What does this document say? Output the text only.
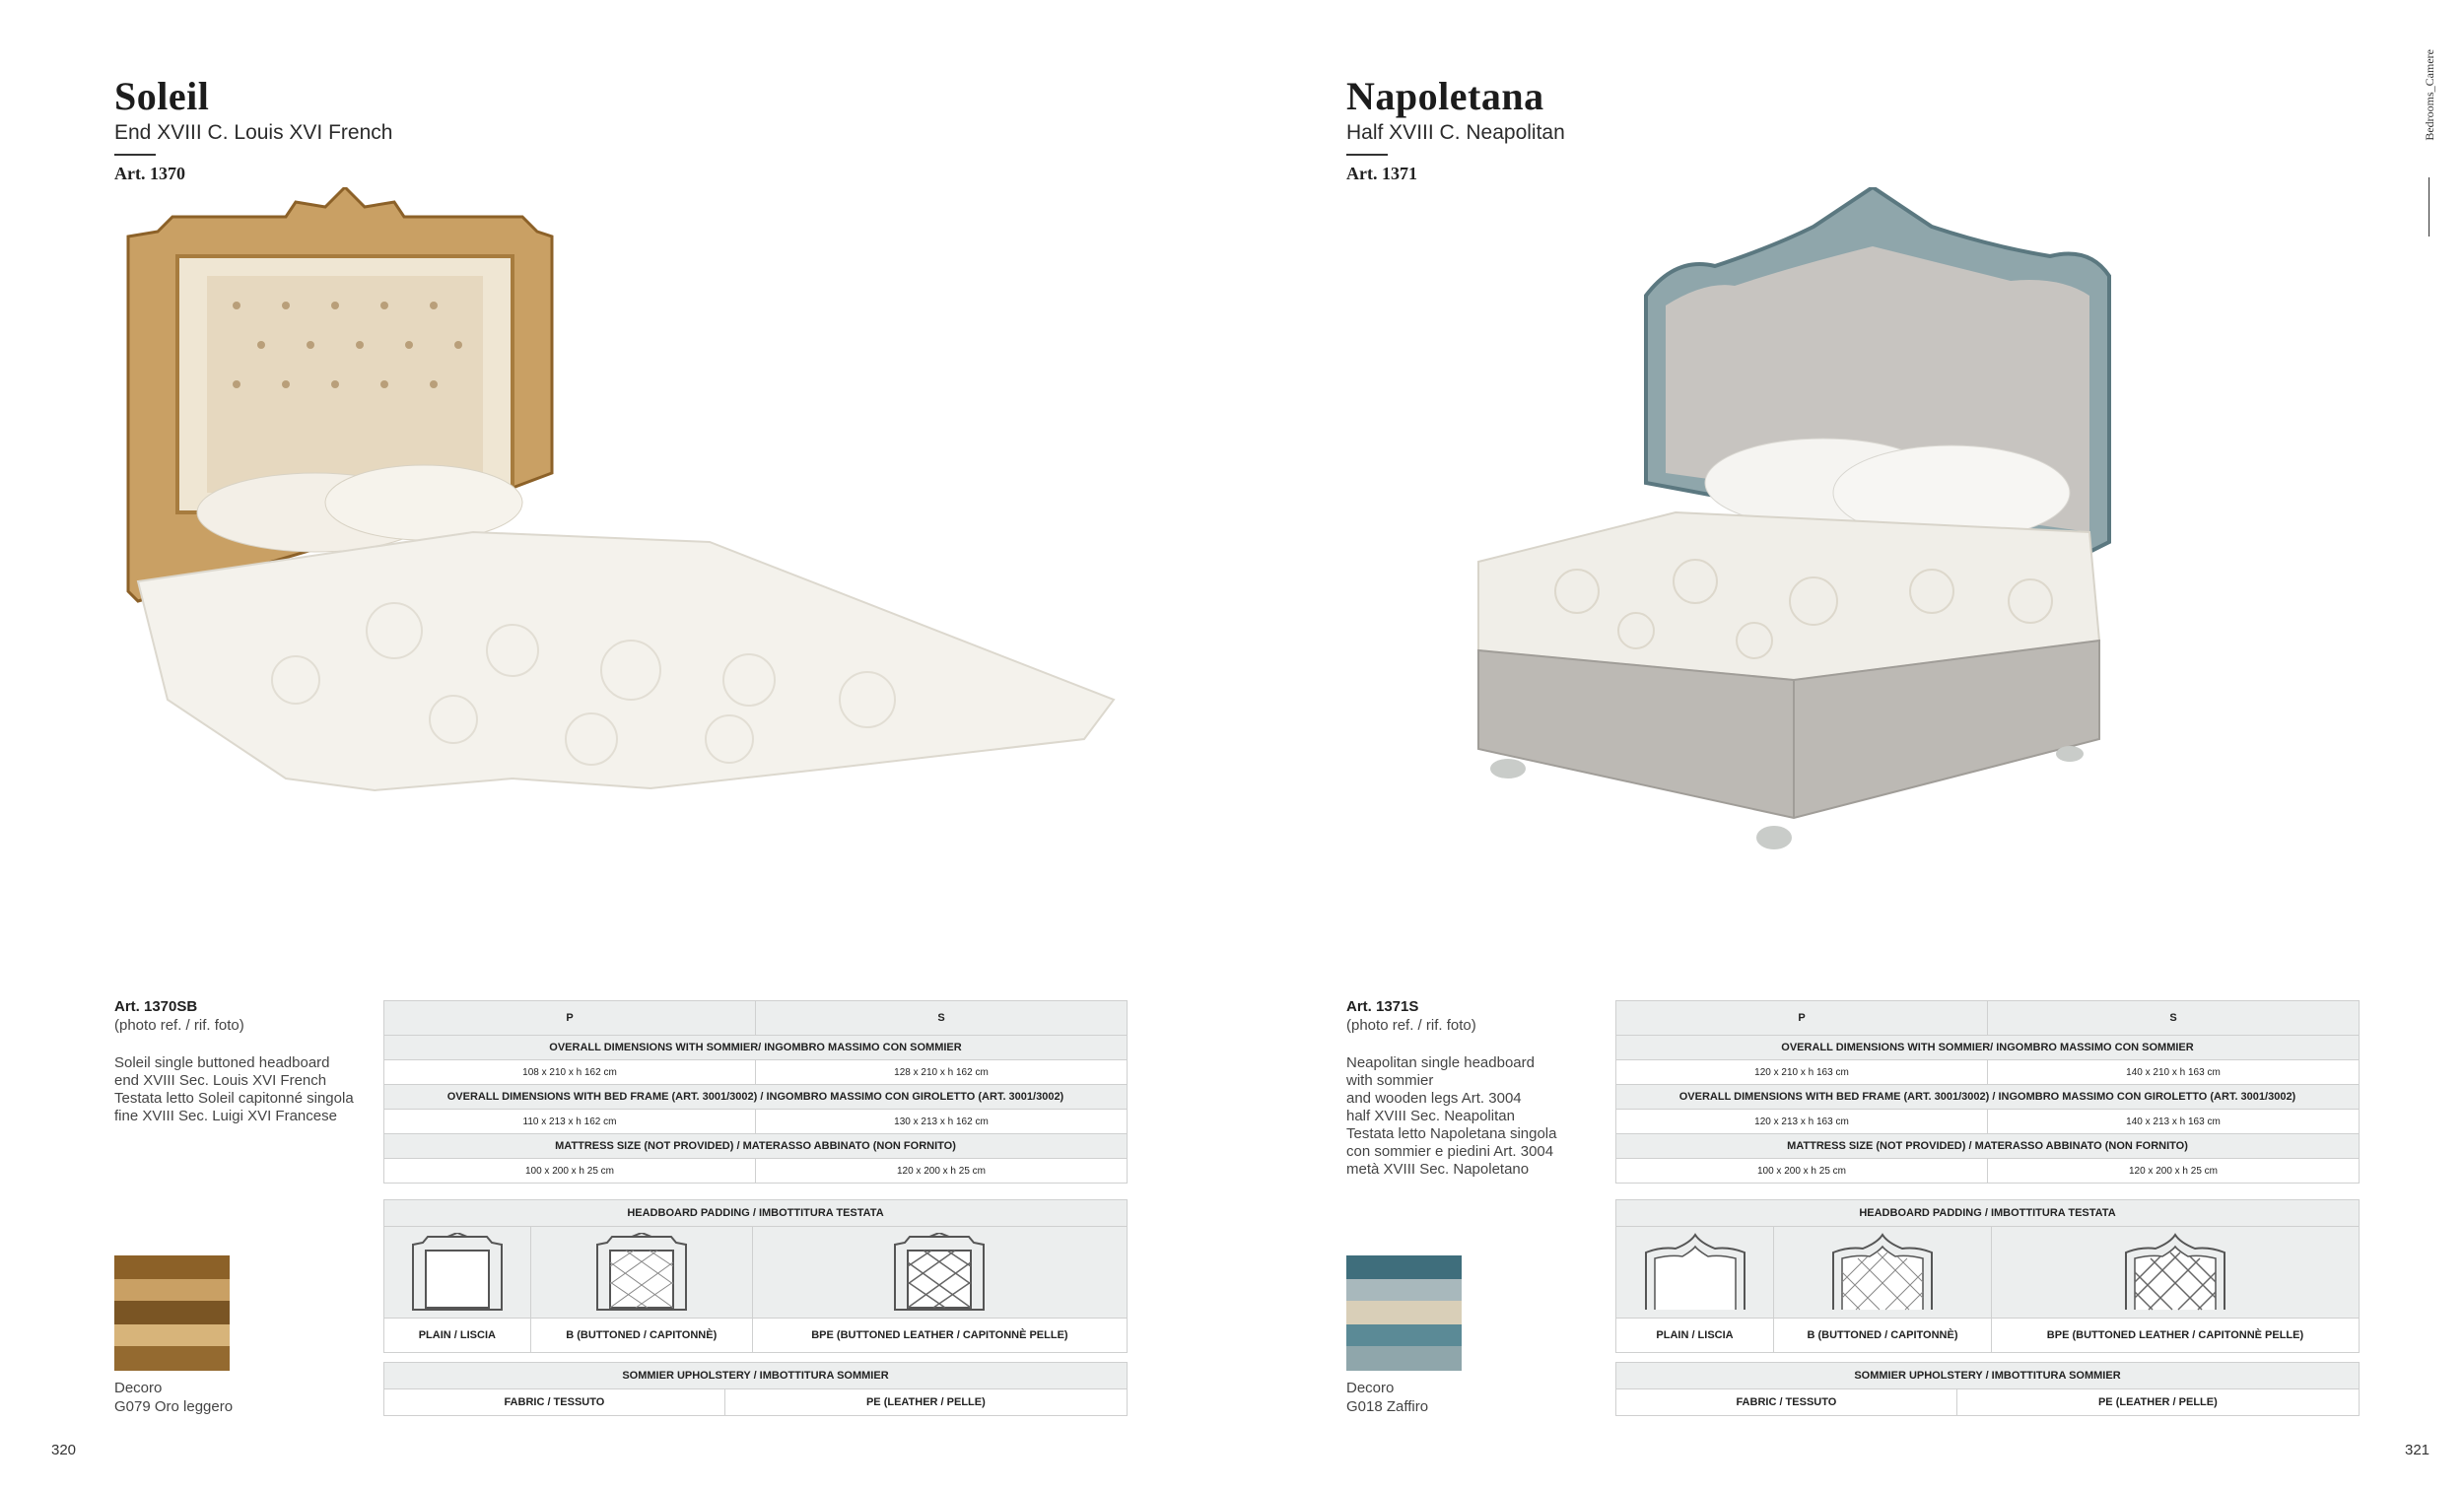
Soleil
End XVIII C. Louis XVI French
Art. 1370
Art. 1370SB
(photo ref. / rif. foto)
Soleil single buttoned headboard
end XVIII Sec. Louis XVI French
Testata letto Soleil capitonné singola
fine XVIII Sec. Luigi XVI Francese
P	S
OVERALL DIMENSIONS WITH SOMMIER/ INGOMBRO MASSIMO CON SOMMIER	
108 x 210 x h 162 cm	128 x 210 x h 162 cm
OVERALL DIMENSIONS WITH BED FRAME (ART. 3001/3002) / INGOMBRO MASSIMO CON GIROLETTO (ART. 3001/3002)	
110 x 213 x h 162 cm	130 x 213 x h 162 cm
MATTRESS SIZE (NOT PROVIDED) / MATERASSO ABBINATO (NON FORNITO)	
100 x 200 x h 25 cm	120 x 200 x h 25 cm
HEADBOARD PADDING / IMBOTTITURA TESTATA		

PLAIN / LISCIA	B (BUTTONED / CAPITONNÈ)	BPE (BUTTONED LEATHER / CAPITONNÈ PELLE)
SOMMIER UPHOLSTERY / IMBOTTITURA SOMMIER
FABRIC / TESSUTO	PE (LEATHER / PELLE)
Decoro
G079 Oro leggero
320
Napoletana
Half XVIII C. Neapolitan
Art. 1371
Art. 1371S
(photo ref. / rif. foto)
Neapolitan single headboard
with sommier
and wooden legs Art. 3004
half XVIII Sec. Neapolitan
Testata letto Napoletana singola
con sommier e piedini Art. 3004
metà XVIII Sec. Napoletano
P	S
OVERALL DIMENSIONS WITH SOMMIER/ INGOMBRO MASSIMO CON SOMMIER	
120 x 210 x h 163 cm	140 x 210 x h 163 cm
OVERALL DIMENSIONS WITH BED FRAME (ART. 3001/3002) / INGOMBRO MASSIMO CON GIROLETTO (ART. 3001/3002)	
120 x 213 x h 163 cm	140 x 213 x h 163 cm
MATTRESS SIZE (NOT PROVIDED) / MATERASSO ABBINATO (NON FORNITO)	
100 x 200 x h 25 cm	120 x 200 x h 25 cm
HEADBOARD PADDING / IMBOTTITURA TESTATA		

PLAIN / LISCIA	B (BUTTONED / CAPITONNÈ)	BPE (BUTTONED LEATHER / CAPITONNÈ PELLE)
SOMMIER UPHOLSTERY / IMBOTTITURA SOMMIER
FABRIC / TESSUTO	PE (LEATHER / PELLE)
Decoro
G018 Zaffiro
Bedrooms_Camere
321
